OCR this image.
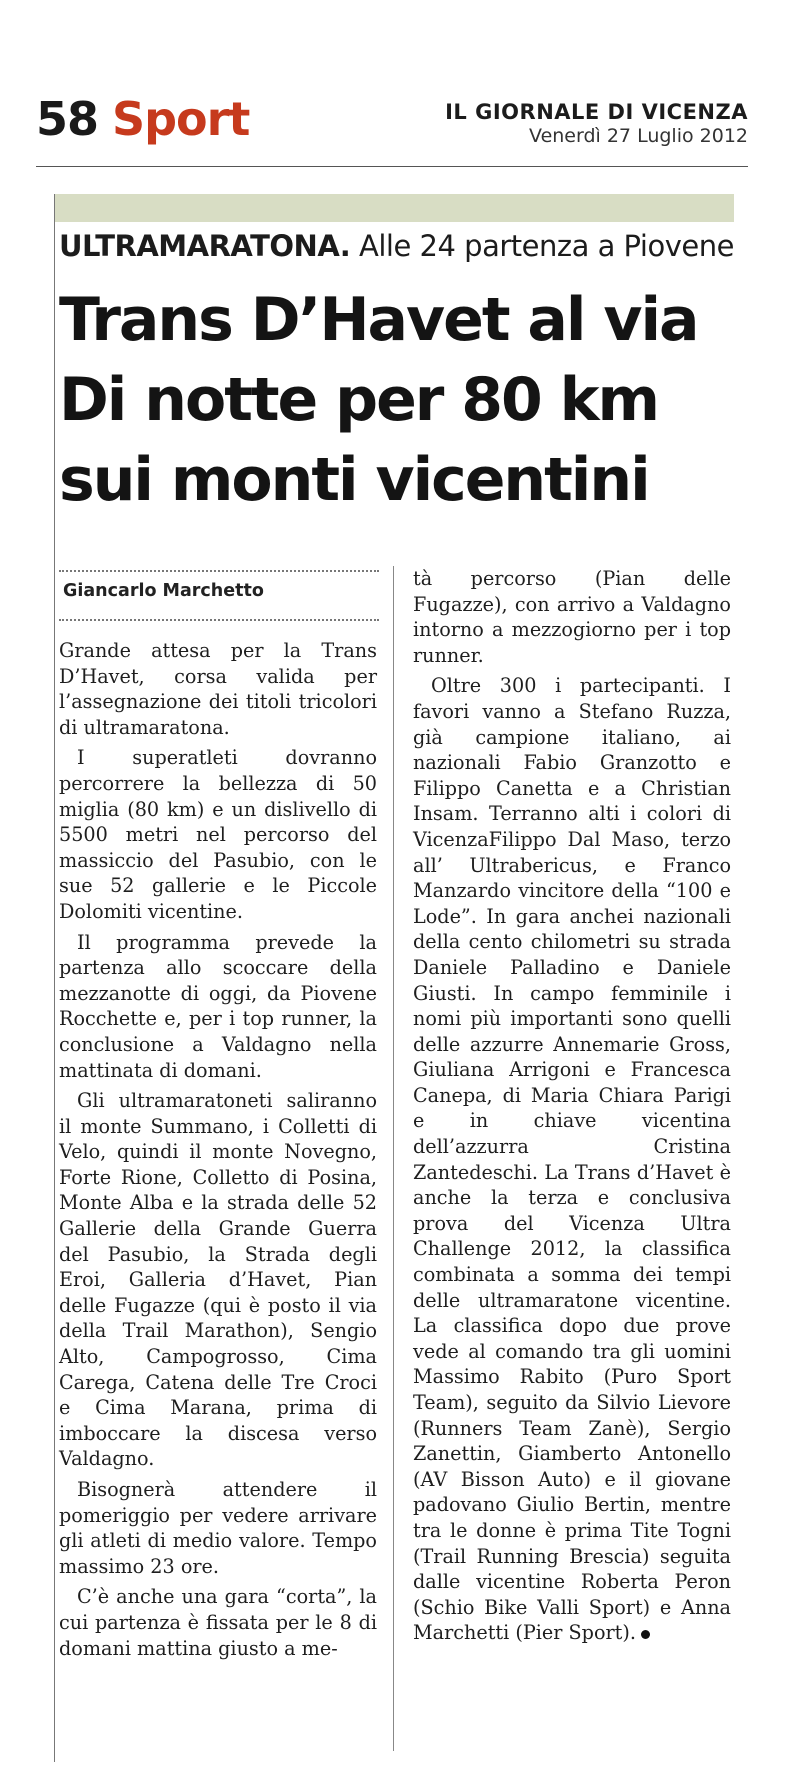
58 Sport	IL GIORNALE DI VICENZA
Venerdì 27 Luglio 2012
ULTRAMARATONA. Alle 24 partenza a Piovene
Trans D’Havet al via
Di notte per 80 km
sui monti vicentini
Giancarlo Marchetto

Grande attesa per la Trans D’Havet, corsa valida per l’assegnazione dei titoli tricolori di ultramaratona.

I superatleti dovranno percorrere la bellezza di 50 miglia (80 km) e un dislivello di 5500 metri nel percorso del massiccio del Pasubio, con le sue 52 gallerie e le Piccole Dolomiti vicentine.

Il programma prevede la partenza allo scoccare della mezzanotte di oggi, da Piovene Rocchette e, per i top runner, la conclusione a Valdagno nella mattinata di domani.

Gli ultramaratoneti saliranno il monte Summano, i Colletti di Velo, quindi il monte Novegno, Forte Rione, Colletto di Posina, Monte Alba e la strada delle 52 Gallerie della Grande Guerra del Pasubio, la Strada degli Eroi, Galleria d’Havet, Pian delle Fugazze (qui è posto il via della Trail Marathon), Sengio Alto, Campogrosso, Cima Carega, Catena delle Tre Croci e Cima Marana, prima di imboccare la discesa verso Valdagno.

Bisognerà attendere il pomeriggio per vedere arrivare gli atleti di medio valore. Tempo massimo 23 ore.

C’è anche una gara “corta”, la cui partenza è fissata per le 8 di domani mattina giusto a me-

tà percorso (Pian delle Fugazze), con arrivo a Valdagno intorno a mezzogiorno per i top runner.

Oltre 300 i partecipanti. I favori vanno a Stefano Ruzza, già campione italiano, ai nazionali Fabio Granzotto e Filippo Canetta e a Christian Insam. Terranno alti i colori di VicenzaFilippo Dal Maso, terzo all’ Ultrabericus, e Franco Manzardo vincitore della “100 e Lode”. In gara anchei nazionali della cento chilometri su strada Daniele Palladino e Daniele Giusti. In campo femminile i nomi più importanti sono quelli delle azzurre Annemarie Gross, Giuliana Arrigoni e Francesca Canepa, di Maria Chiara Parigi e in chiave vicentina dell’azzurra Cristina Zantedeschi. La Trans d’Havet è anche la terza e conclusiva prova del Vicenza Ultra Challenge 2012, la classifica combinata a somma dei tempi delle ultramaratone vicentine. La classifica dopo due prove vede al comando tra gli uomini Massimo Rabito (Puro Sport Team), seguito da Silvio Lievore (Runners Team Zanè), Sergio Zanettin, Giamberto Antonello (AV Bisson Auto) e il giovane padovano Giulio Bertin, mentre tra le donne è prima Tite Togni (Trail Running Brescia) seguita dalle vicentine Roberta Peron (Schio Bike Valli Sport) e Anna Marchetti (Pier Sport).
